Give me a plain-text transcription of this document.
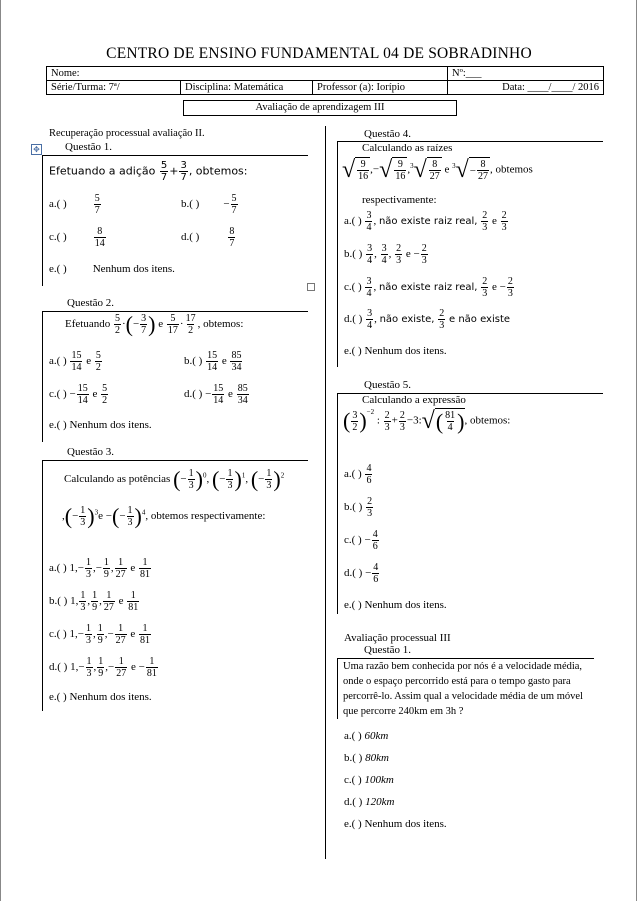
CENTRO DE ENSINO FUNDAMENTAL 04 DE SOBRADINHO
Nome:			Nº:___
Série/Turma: 7ª/	Disciplina: Matemática	Professor (a): Iorípio	Data: ____/____/ 2016
Avaliação de aprendizagem III
Recuperação processual avaliação II.
✥ Questão 1.
Efetuando a adição $\frac{5}{7} + \frac{3}{7}$ , obtemos:
a.( )	$\frac{5}{7}$	b.( ) − $\frac{5}{7}$
c.( )	$\frac{8}{14}$	d.( )	$\frac{8}{7}$
e.( ) Nenhum dos itens.
Questão 2.
Efetuando $\frac{5}{2}$ ·(− $\frac{3}{7}$ ) e $\frac{5}{17} \cdot \frac{17}{2}$ , obtemos:
a.( ) $\frac{15}{14}$ e $\frac{5}{2}$	b.( ) $\frac{15}{14}$ e $\frac{85}{34}$
c.( ) − $\frac{15}{14}$ e $\frac{5}{2}$	d.( ) − $\frac{15}{14}$ e $\frac{85}{34}$
e.( ) Nenhum dos itens.
Questão 3.
Calculando as potências (− $\frac{1}{3} )^0$, (− $\frac{1}{3} )^1$, (− $\frac{1}{3} )^2$
,(− $\frac{1}{3} )^3e$ −(− $\frac{1}{3} )^4$, obtemos respectivamente:
a.( ) $1,- \frac{1}{3}$ ,− $\frac{1}{9}$ , $\frac{1}{27}$ e $\frac{1}{81}$
b.( ) 1, $\frac{1}{3}$ , $\frac{1}{9}$ , $\frac{1}{27}$ e $\frac{1}{81}$
c.( ) $1,- \frac{1}{3}$ , $\frac{1}{9}$ ,− $\frac{1}{27}$ e $\frac{1}{81}$
d.( ) $1,- \frac{1}{3}$ , $\frac{1}{9}$ ,− $\frac{1}{27}$ $e - \frac{1}{81}$
e.( ) Nenhum dos itens.
Questão 4.
Calculando as raízes
√ $\frac{9}{16}$ ,− √ $\frac{9}{16} ,^3$ √ $\frac{8}{27}$ e $^3$ √ − $\frac{8}{27}$ , obtemos
respectivamente:
a.( ) $\frac{3}{4}$ , não existe raiz real, $\frac{2}{3}$ e $\frac{2}{3}$
b.( ) $\frac{3}{4}$ , $\frac{3}{4}$ , $\frac{2}{3}$ $e - \frac{2}{3}$
c.( ) $\frac{3}{4}$ , não existe raiz real, $\frac{2}{3}$ $e - \frac{2}{3}$
d.( ) $\frac{3}{4}$ , não existe, $\frac{2}{3}$ e não existe
e.( ) Nenhum dos itens.
Questão 5.
Calculando a expressão
( $\frac{3}{2} )^{-2}$ : $\frac{2}{3} + \frac{2}{3} -3$: √ ( $\frac{81}{4}$ ) , obtemos:
a.( ) $\frac{4}{6}$
b.( ) $\frac{2}{3}$
c.( ) − $\frac{4}{6}$
d.( ) − $\frac{4}{6}$
e.( ) Nenhum dos itens.
Avaliação processual III
Questão 1.
Uma razão bem conhecida por nós é a velocidade média, onde o espaço percorrido está para o tempo gasto para percorrê-lo. Assim qual a velocidade média de um móvel que percorre 240km em 3h ?
a.( ) 60km
b.( ) 80km
c.( ) 100km
d.( ) 120km
e.( ) Nenhum dos itens.
